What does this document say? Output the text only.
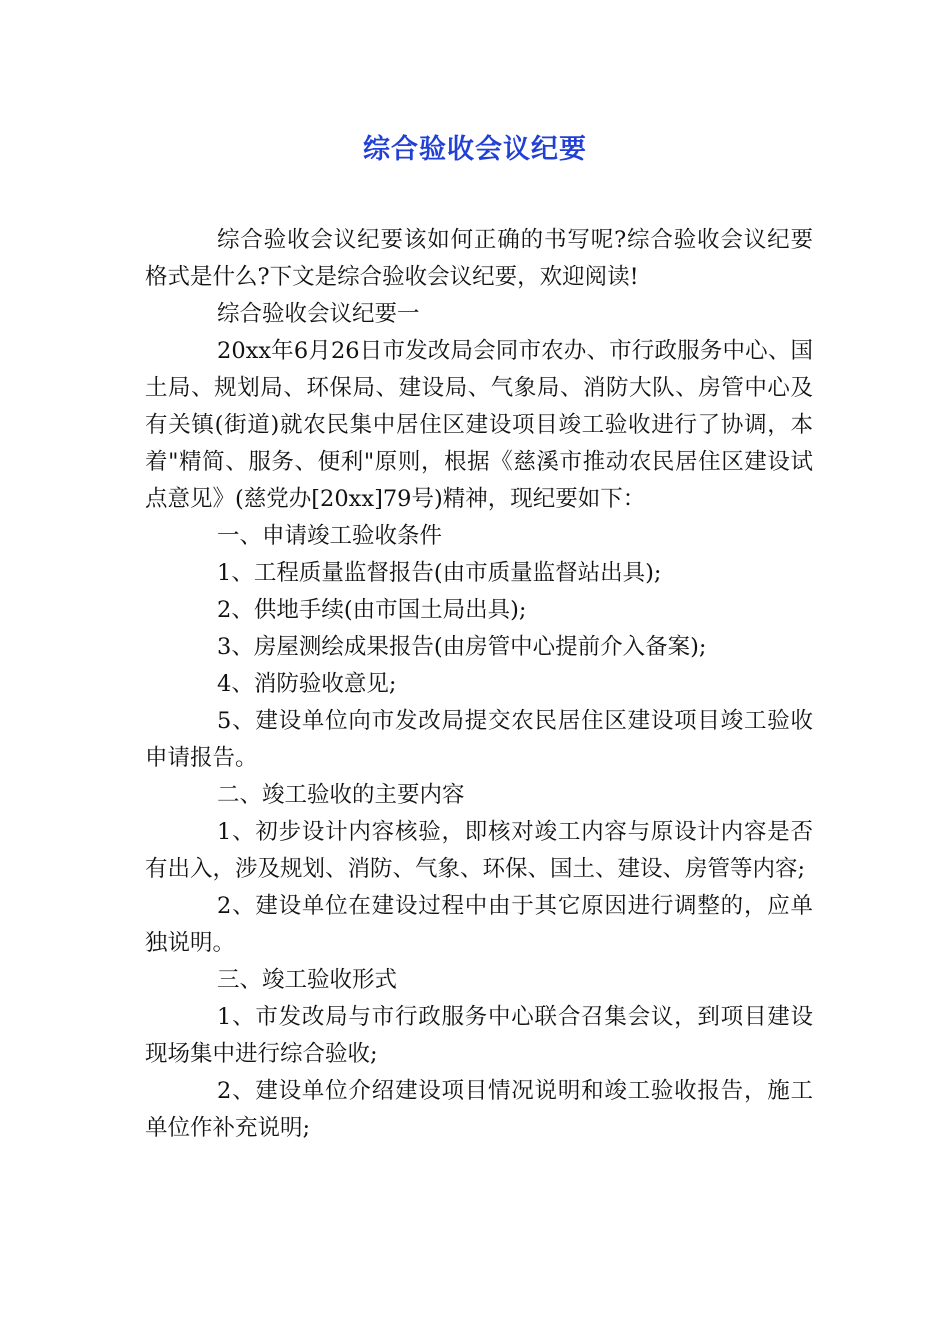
综合验收会议纪要

综合验收会议纪要该如何正确的书写呢?综合验收会议纪要格式是什么?下文是综合验收会议纪要，欢迎阅读!

综合验收会议纪要一

20xx年6月26日市发改局会同市农办、市行政服务中心、国土局、规划局、环保局、建设局、气象局、消防大队、房管中心及有关镇(街道)就农民集中居住区建设项目竣工验收进行了协调，本着"精简、服务、便利"原则，根据《慈溪市推动农民居住区建设试点意见》(慈党办[20xx]79号)精神，现纪要如下：

一、申请竣工验收条件

1、工程质量监督报告(由市质量监督站出具);

2、供地手续(由市国土局出具);

3、房屋测绘成果报告(由房管中心提前介入备案);

4、消防验收意见;

5、建设单位向市发改局提交农民居住区建设项目竣工验收申请报告。

二、竣工验收的主要内容

1、初步设计内容核验，即核对竣工内容与原设计内容是否有出入，涉及规划、消防、气象、环保、国土、建设、房管等内容;

2、建设单位在建设过程中由于其它原因进行调整的，应单独说明。

三、竣工验收形式

1、市发改局与市行政服务中心联合召集会议，到项目建设现场集中进行综合验收;

2、建设单位介绍建设项目情况说明和竣工验收报告，施工单位作补充说明;
